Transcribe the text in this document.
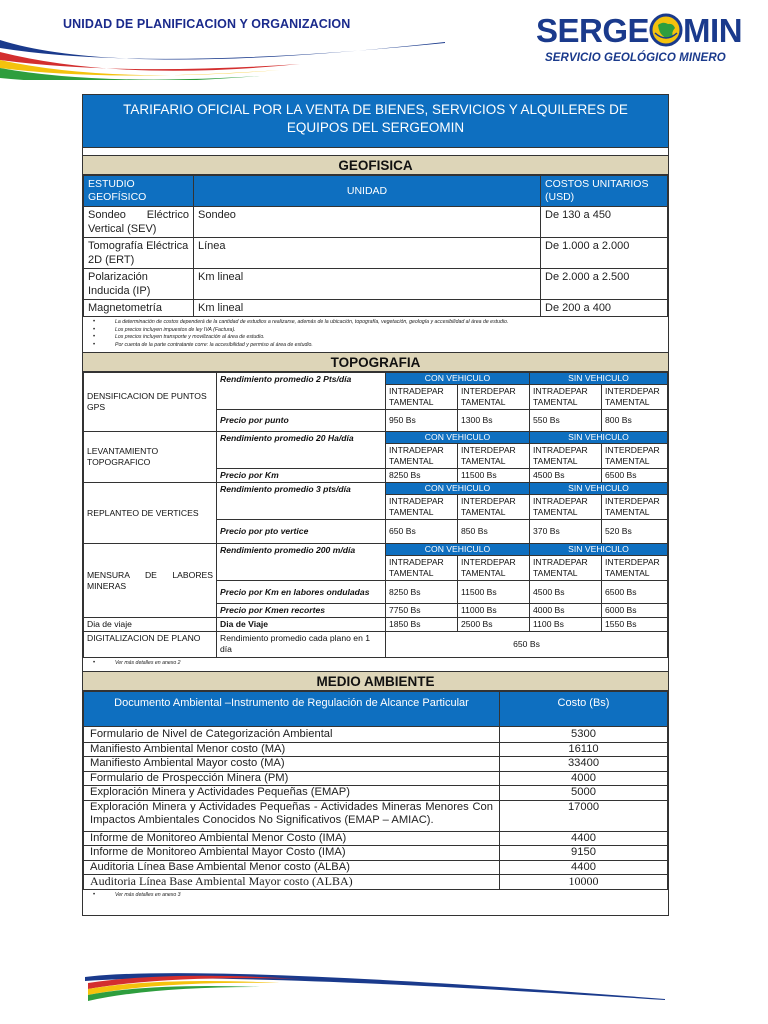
UNIDAD DE PLANIFICACION Y ORGANIZACION	SERGE MIN
SERVICIO GEOLÓGICO MINERO
TARIFARIO OFICIAL POR LA VENTA DE BIENES, SERVICIOS Y ALQUILERES DE EQUIPOS DEL SERGEOMIN
GEOFISICA
ESTUDIO GEOFÍSICO	UNIDAD	COSTOS UNITARIOS (USD)
Sondeo Eléctrico Vertical (SEV)	Sondeo	De 130 a 450
Tomografía Eléctrica 2D (ERT)	Línea	De 1.000 a 2.000
Polarización Inducida (IP)	Km lineal	De 2.000 a 2.500
Magnetometría	Km lineal	De 200 a 400
• La determinación de costos dependerá de la cantidad de estudios a realizarse, además de la ubicación, topografía, vegetación, geología y accesibilidad al área de estudio.
• Los precios incluyen impuestos de ley IVA (Factura).
• Los precios incluyen transporte y movilización al área de estudio.
• Por cuenta de la parte contratante corre: la accesibilidad y permiso al área de estudio.
TOPOGRAFIA
DENSIFICACION DE PUNTOS GPS	Rendimiento promedio 2 Pts/día	CON VEHICULO		SIN VEHICULO	
		INTRADEPAR TAMENTAL	INTERDEPAR TAMENTAL	INTRADEPAR TAMENTAL	INTERDEPAR TAMENTAL
	Precio por punto	950 Bs	1300 Bs	550 Bs	800 Bs
LEVANTAMIENTO TOPOGRAFICO	Rendimiento promedio 20 Ha/día	CON VEHICULO		SIN VEHICULO	
		INTRADEPAR TAMENTAL	INTERDEPAR TAMENTAL	INTRADEPAR TAMENTAL	INTERDEPAR TAMENTAL
	Precio por Km	8250 Bs	11500 Bs	4500 Bs	6500 Bs
REPLANTEO DE VERTICES	Rendimiento promedio 3 pts/día	CON VEHICULO		SIN VEHICULO	
		INTRADEPAR TAMENTAL	INTERDEPAR TAMENTAL	INTRADEPAR TAMENTAL	INTERDEPAR TAMENTAL
	Precio por pto vertice	650 Bs	850 Bs	370 Bs	520 Bs
MENSURA DE LABORES MINERAS	Rendimiento promedio 200 m/día	CON VEHICULO		SIN VEHICULO	
		INTRADEPAR TAMENTAL	INTERDEPAR TAMENTAL	INTRADEPAR TAMENTAL	INTERDEPAR TAMENTAL
	Precio por Km en labores onduladas	8250 Bs	11500 Bs	4500 Bs	6500 Bs
	Precio por Kmen recortes	7750 Bs	11000 Bs	4000 Bs	6000 Bs
Dia de viaje	Dia de Viaje	1850 Bs	2500 Bs	1100 Bs	1550 Bs
DIGITALIZACION DE PLANO	Rendimiento promedio cada plano en 1 día	650 Bs			
• Ver más detalles en anexo 2
MEDIO AMBIENTE
Documento Ambiental –Instrumento de Regulación de Alcance Particular	Costo (Bs)
Formulario de Nivel de Categorización Ambiental	5300
Manifiesto Ambiental Menor costo (MA)	16110
Manifiesto Ambiental Mayor costo (MA)	33400
Formulario de Prospección Minera (PM)	4000
Exploración Minera y Actividades Pequeñas (EMAP)	5000
Exploración Minera y Actividades Pequeñas - Actividades Mineras Menores Con Impactos Ambientales Conocidos No Significativos (EMAP – AMIAC).	17000
Informe de Monitoreo Ambiental Menor Costo (IMA)	4400
Informe de Monitoreo Ambiental Mayor Costo (IMA)	9150
Auditoria Línea Base Ambiental Menor costo (ALBA)	4400
Auditoria Línea Base Ambiental Mayor costo (ALBA)	10000
• Ver más detalles en anexo 3
